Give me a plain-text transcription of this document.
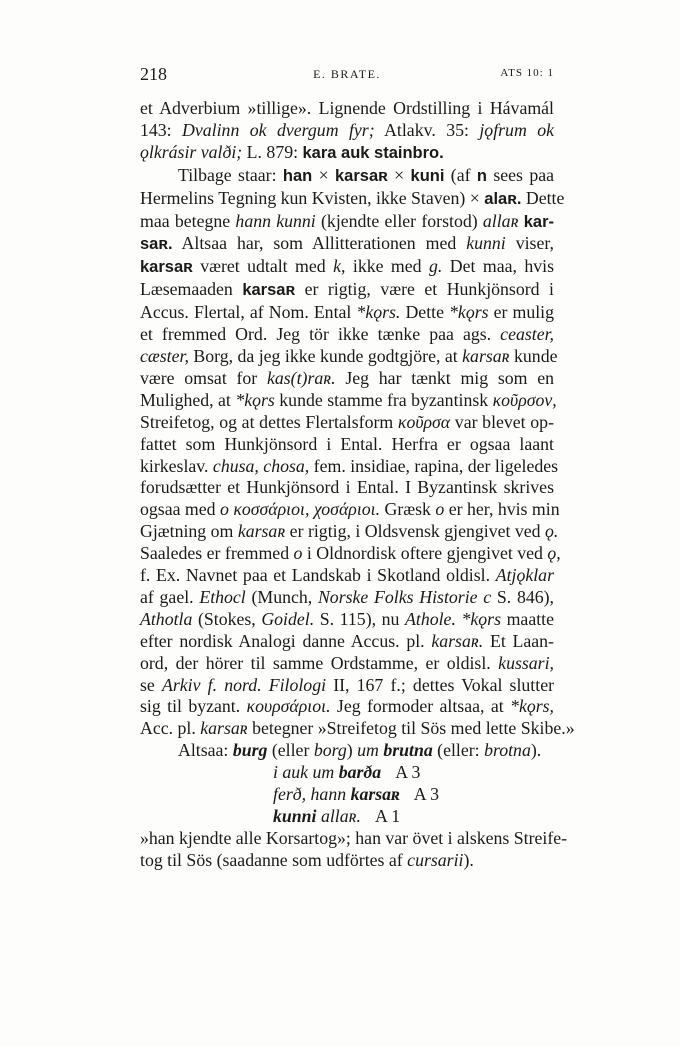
218	E. BRATE.	ATS 10: 1
et Adverbium »tillige». Lignende Ordstilling i Hávamál
143: Dvalinn ok dvergum fyr; Atlakv. 35: jǫfrum ok
ǫlkrásir valði; L. 879: kara auk stainbro.
Tilbage staar: han × karsaʀ × kuni (af n sees paa
Hermelins Tegning kun Kvisten, ikke Staven) × alaʀ. Dette
maa betegne hann kunni (kjendte eller forstod) allaʀ kar-
saʀ. Altsaa har, som Allitterationen med kunni viser,
karsaʀ været udtalt med k, ikke med g. Det maa, hvis
Læsemaaden karsaʀ er rigtig, være et Hunkjönsord i
Accus. Flertal, af Nom. Ental *kǫrs. Dette *kǫrs er mulig
et fremmed Ord. Jeg tör ikke tænke paa ags. ceaster,
cæster, Borg, da jeg ikke kunde godtgjöre, at karsaʀ kunde
være omsat for kas(t)raʀ. Jeg har tænkt mig som en
Mulighed, at *kǫrs kunde stamme fra byzantinsk κοῦρσον,
Streifetog, og at dettes Flertalsform κοῦρσα var blevet op-
fattet som Hunkjönsord i Ental. Herfra er ogsaa laant
kirkeslav. chusa, chosa, fem. insidiae, rapina, der ligeledes
forudsætter et Hunkjönsord i Ental. I Byzantinsk skrives
ogsaa med ο κοσσάριοι, χοσάριοι. Græsk o er her, hvis min
Gjætning om karsaʀ er rigtig, i Oldsvensk gjengivet ved ǫ.
Saaledes er fremmed o i Oldnordisk oftere gjengivet ved ǫ,
f. Ex. Navnet paa et Landskab i Skotland oldisl. Atjǫklar
af gael. Ethocl (Munch, Norske Folks Historie c S. 846),
Athotla (Stokes, Goidel. S. 115), nu Athole. *kǫrs maatte
efter nordisk Analogi danne Accus. pl. karsaʀ. Et Laan-
ord, der hörer til samme Ordstamme, er oldisl. kussari,
se Arkiv f. nord. Filologi II, 167 f.; dettes Vokal slutter
sig til byzant. κουρσάριοι. Jeg formoder altsaa, at *kǫrs,
Acc. pl. karsaʀ betegner »Streifetog til Sös med lette Skibe.»
Altsaa: burg (eller borg) um brutna (eller: brotna).
i auk um barða A 3
ferð, hann karsaʀ A 3
kunni allaʀ. A 1
»han kjendte alle Korsartog»; han var övet i alskens Streife-
tog til Sös (saadanne som udförtes af cursarii).
